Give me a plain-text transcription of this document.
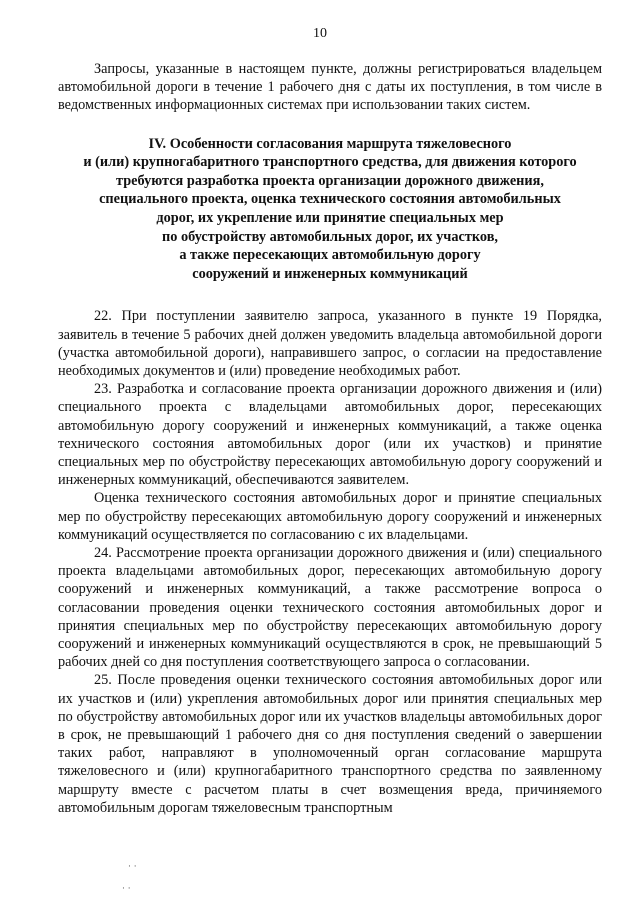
10

Запросы, указанные в настоящем пункте, должны регистрироваться владельцем автомобильной дороги в течение 1 рабочего дня с даты их поступления, в том числе в ведомственных информационных системах при использовании таких систем.

IV. Особенности согласования маршрута тяжеловесного
и (или) крупногабаритного транспортного средства, для движения которого
требуются разработка проекта организации дорожного движения,
специального проекта, оценка технического состояния автомобильных
дорог, их укрепление или принятие специальных мер
по обустройству автомобильных дорог, их участков,
а также пересекающих автомобильную дорогу
сооружений и инженерных коммуникаций

22. При поступлении заявителю запроса, указанного в пункте 19 Порядка, заявитель в течение 5 рабочих дней должен уведомить владельца автомобильной дороги (участка автомобильной дороги), направившего запрос, о согласии на предоставление необходимых документов и (или) проведение необходимых работ.

23. Разработка и согласование проекта организации дорожного движения и (или) специального проекта с владельцами автомобильных дорог, пересекающих автомобильную дорогу сооружений и инженерных коммуникаций, а также оценка технического состояния автомобильных дорог (или их участков) и принятие специальных мер по обустройству пересекающих автомобильную дорогу сооружений и инженерных коммуникаций, обеспечиваются заявителем.

Оценка технического состояния автомобильных дорог и принятие специальных мер по обустройству пересекающих автомобильную дорогу сооружений и инженерных коммуникаций осуществляется по согласованию с их владельцами.

24. Рассмотрение проекта организации дорожного движения и (или) специального проекта владельцами автомобильных дорог, пересекающих автомобильную дорогу сооружений и инженерных коммуникаций, а также рассмотрение вопроса о согласовании проведения оценки технического состояния автомобильных дорог и принятия специальных мер по обустройству пересекающих автомобильную дорогу сооружений и инженерных коммуникаций осуществляются в срок, не превышающий 5 рабочих дней со дня поступления соответствующего запроса о согласовании.

25. После проведения оценки технического состояния автомобильных дорог или их участков и (или) укрепления автомобильных дорог или принятия специальных мер по обустройству автомобильных дорог или их участков владельцы автомобильных дорог в срок, не превышающий 1 рабочего дня со дня поступления сведений о завершении таких работ, направляют в уполномоченный орган согласование маршрута тяжеловесного и (или) крупногабаритного транспортного средства по заявленному маршруту вместе с расчетом платы в счет возмещения вреда, причиняемого автомобильным дорогам тяжеловесным транспортным

· ·
· ·
